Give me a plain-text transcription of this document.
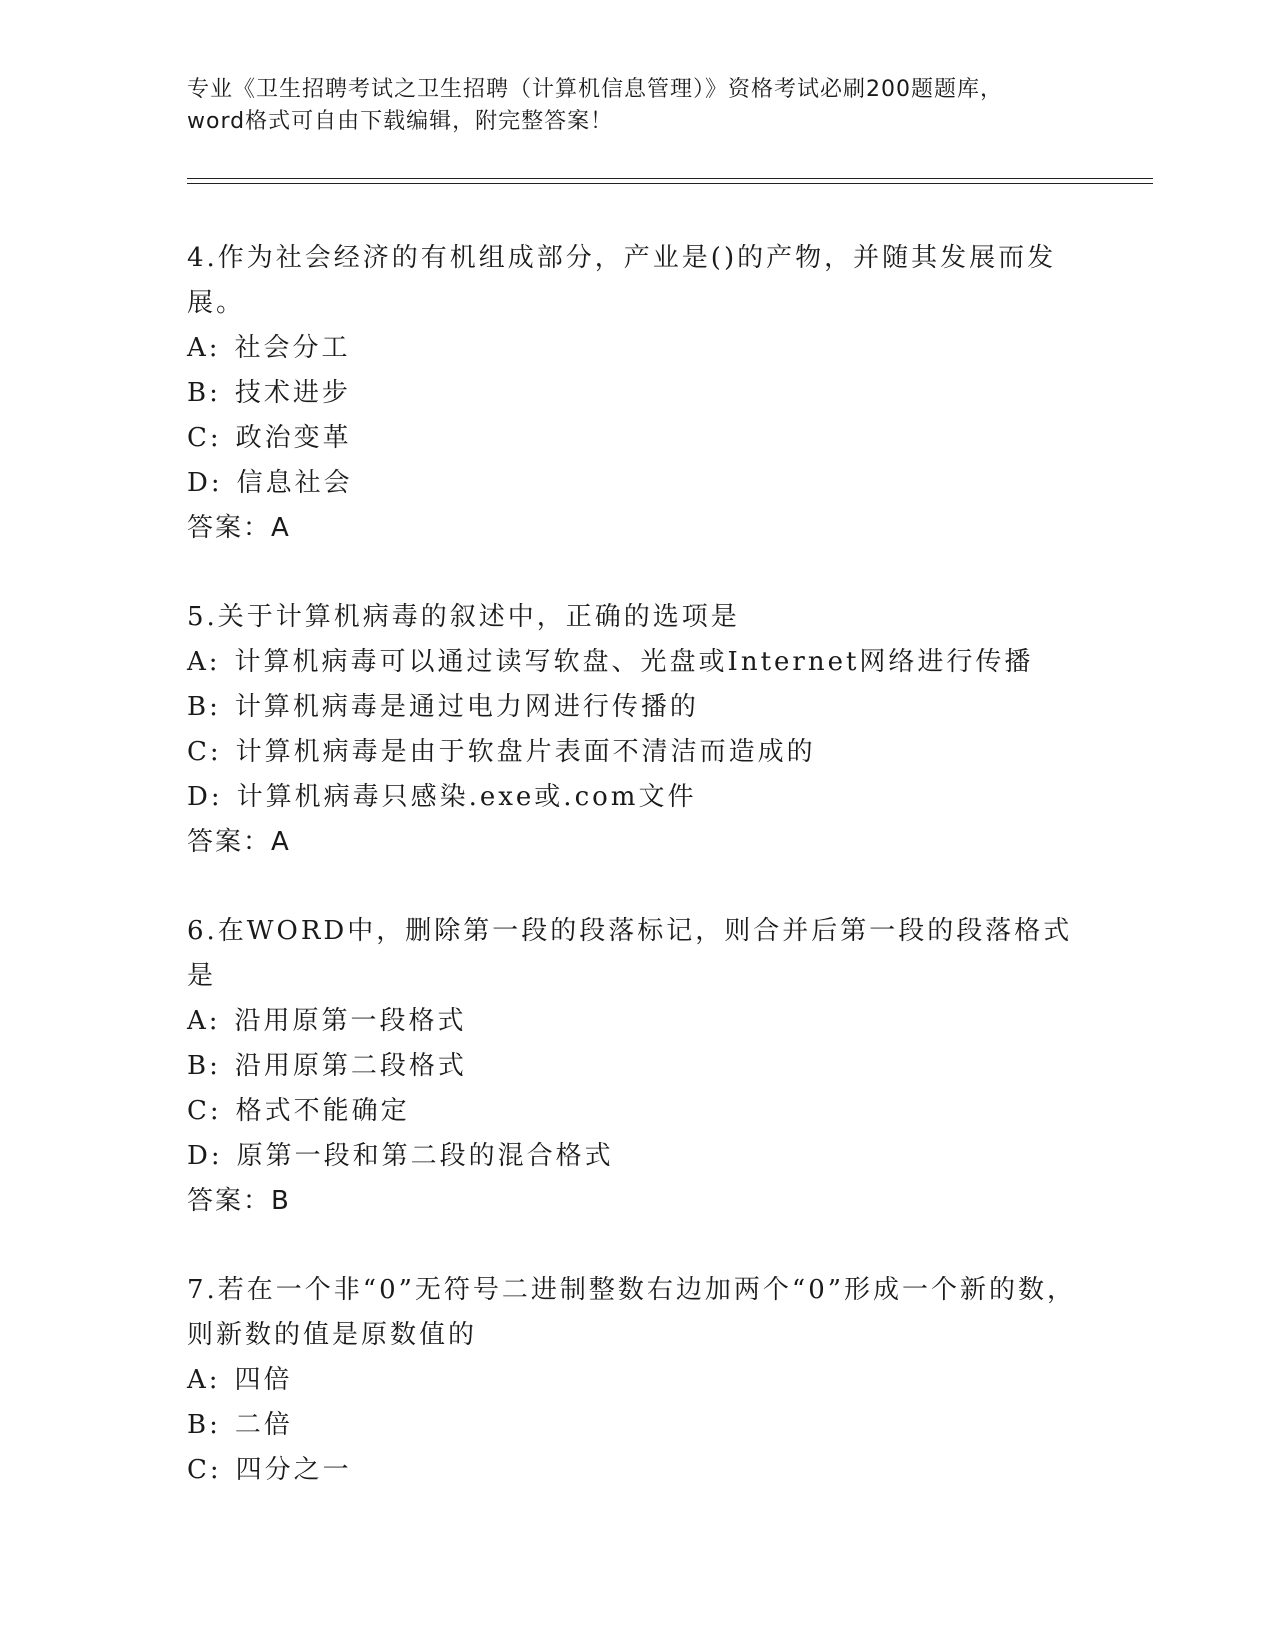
专业《卫生招聘考试之卫生招聘（计算机信息管理）》资格考试必刷200题题库，
word格式可自由下载编辑，附完整答案！

4.作为社会经济的有机组成部分，产业是()的产物，并随其发展而发展。

A: 社会分工

B: 技术进步

C: 政治变革

D: 信息社会

答案：A

5.关于计算机病毒的叙述中，正确的选项是

A: 计算机病毒可以通过读写软盘、光盘或Internet网络进行传播

B: 计算机病毒是通过电力网进行传播的

C: 计算机病毒是由于软盘片表面不清洁而造成的

D: 计算机病毒只感染.exe或.com文件

答案：A

6.在WORD中，删除第一段的段落标记，则合并后第一段的段落格式是

A: 沿用原第一段格式

B: 沿用原第二段格式

C: 格式不能确定

D: 原第一段和第二段的混合格式

答案：B

7.若在一个非“0”无符号二进制整数右边加两个“0”形成一个新的数，则新数的值是原数值的

A: 四倍

B: 二倍

C: 四分之一
